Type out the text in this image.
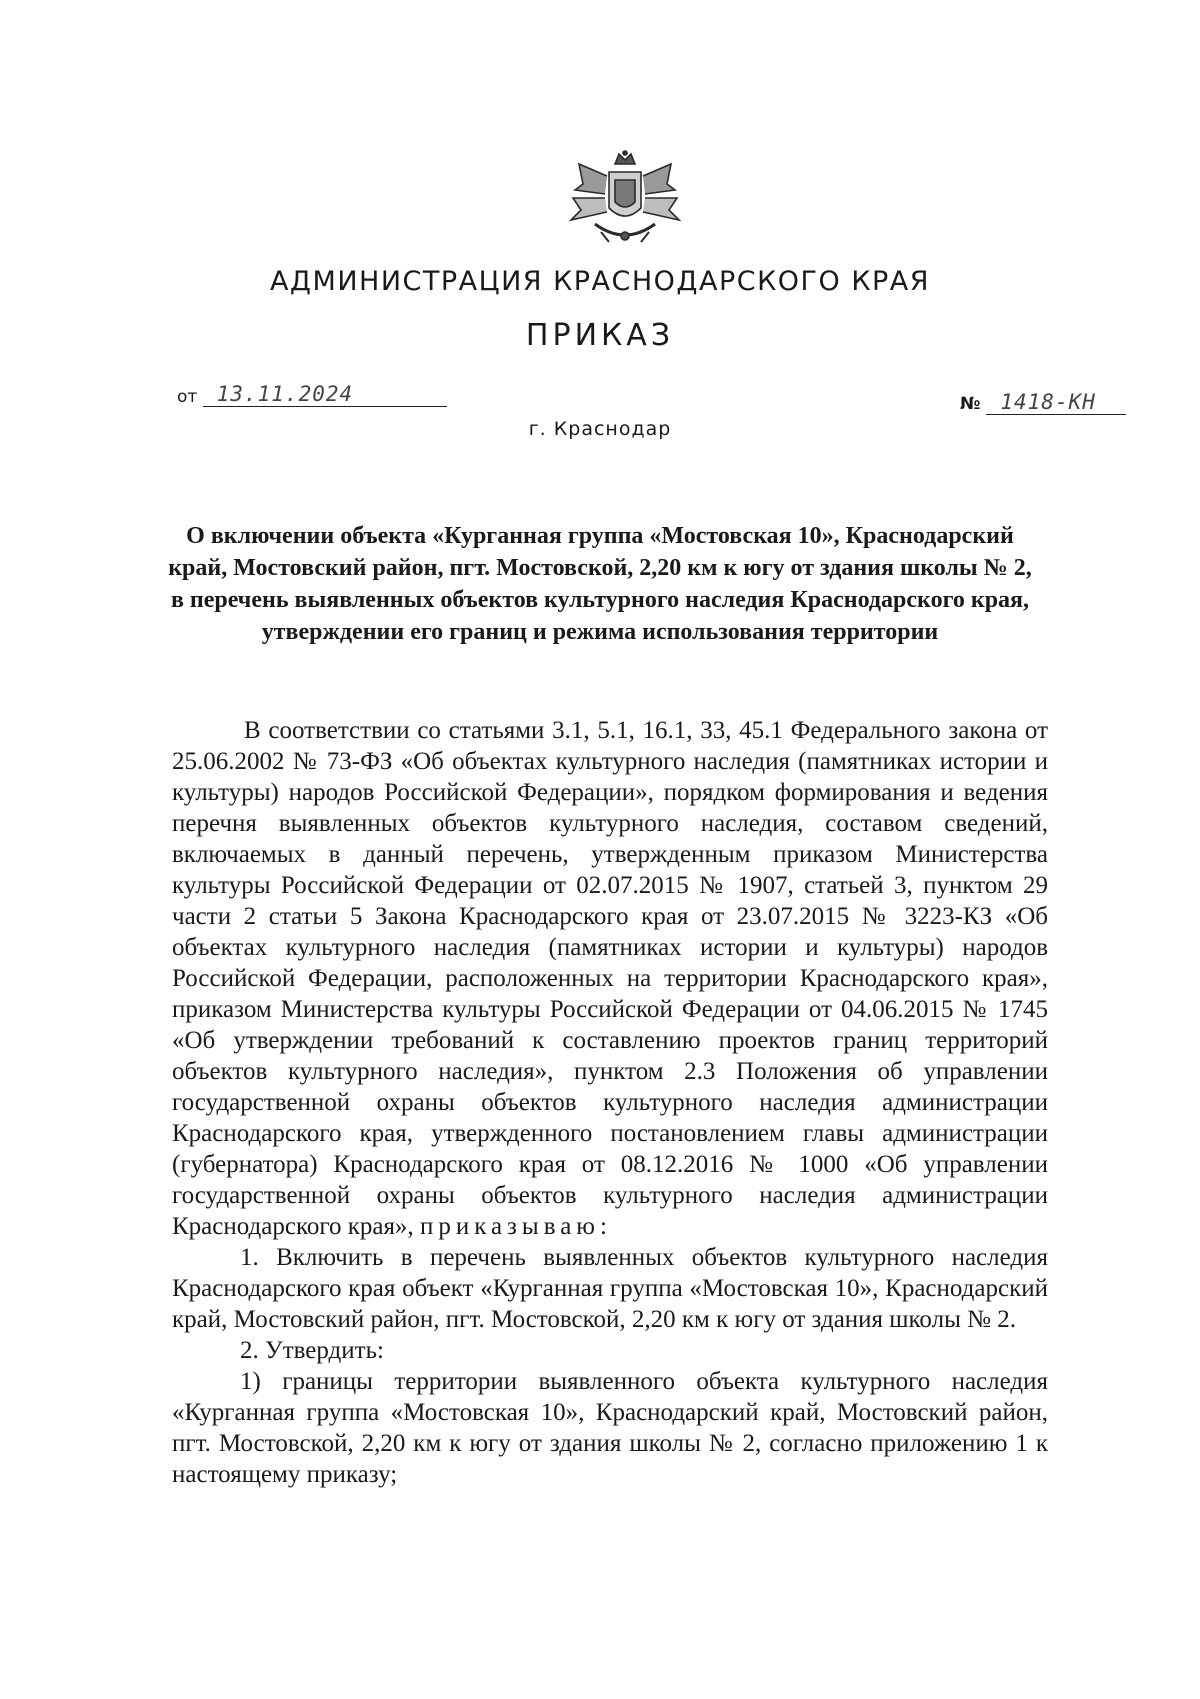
АДМИНИСТРАЦИЯ КРАСНОДАРСКОГО КРАЯ
ПРИКАЗ
от 13.11.2024
г. Краснодар
№ 1418-КН
О включении объекта «Курганная группа «Мостовская 10», Краснодарский край, Мостовский район, пгт. Мостовской, 2,20 км к югу от здания школы № 2, в перечень выявленных объектов культурного наследия Краснодарского края, утверждении его границ и режима использования территории

В соответствии со статьями 3.1, 5.1, 16.1, 33, 45.1 Федерального закона от 25.06.2002 № 73-ФЗ «Об объектах культурного наследия (памятниках истории и культуры) народов Российской Федерации», порядком формирования и ведения перечня выявленных объектов культурного наследия, составом сведений, включаемых в данный перечень, утвержденным приказом Министерства культуры Российской Федерации от 02.07.2015 № 1907, статьей 3, пунктом 29 части 2 статьи 5 Закона Краснодарского края от 23.07.2015 № 3223-КЗ «Об объектах культурного наследия (памятниках истории и культуры) народов Российской Федерации, расположенных на территории Краснодарского края», приказом Министерства культуры Российской Федерации от 04.06.2015 № 1745 «Об утверждении требований к составлению проектов границ территорий объектов культурного наследия», пунктом 2.3 Положения об управлении государственной охраны объектов культурного наследия администрации Краснодарского края, утвержденного постановлением главы администрации (губернатора) Краснодарского края от 08.12.2016 № 1000 «Об управлении государственной охраны объектов культурного наследия администрации Краснодарского края», приказываю:

1. Включить в перечень выявленных объектов культурного наследия Краснодарского края объект «Курганная группа «Мостовская 10», Краснодарский край, Мостовский район, пгт. Мостовской, 2,20 км к югу от здания школы № 2.

2. Утвердить:

1) границы территории выявленного объекта культурного наследия «Курганная группа «Мостовская 10», Краснодарский край, Мостовский район, пгт. Мостовской, 2,20 км к югу от здания школы № 2, согласно приложению 1 к настоящему приказу;
